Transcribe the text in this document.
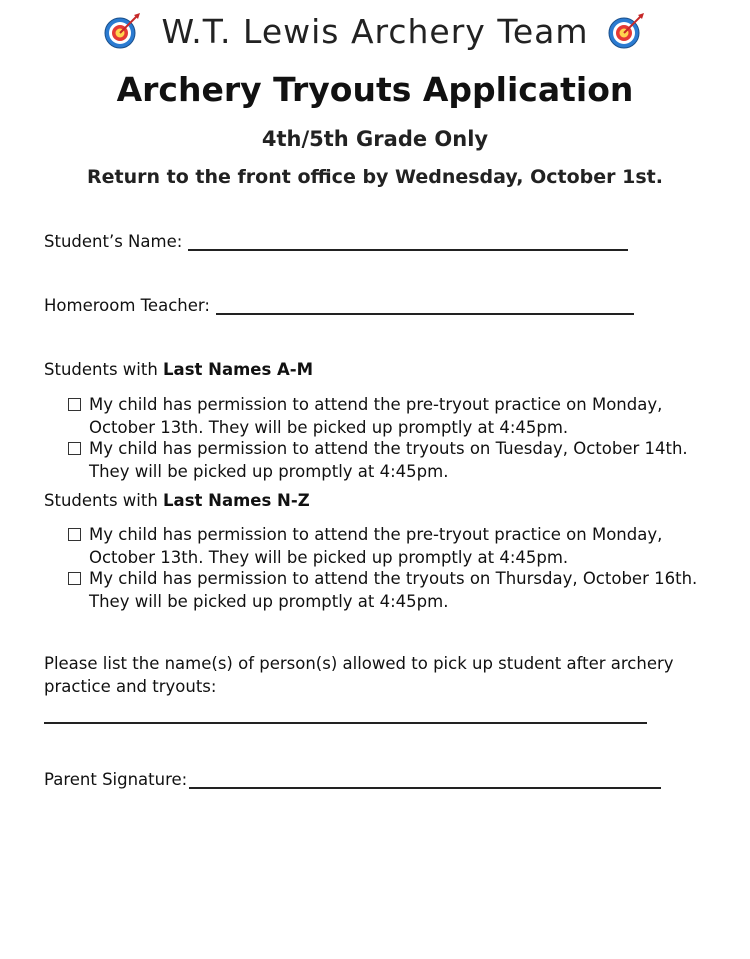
W.T. Lewis Archery Team
Archery Tryouts Application
4th/5th Grade Only
Return to the front office by Wednesday, October 1st.
Student’s Name:
Homeroom Teacher:
Students with Last Names A-M
My child has permission to attend the pre-tryout practice on Monday, October 13th. They will be picked up promptly at 4:45pm.
My child has permission to attend the tryouts on Tuesday, October 14th. They will be picked up promptly at 4:45pm.
Students with Last Names N-Z
My child has permission to attend the pre-tryout practice on Monday, October 13th. They will be picked up promptly at 4:45pm.
My child has permission to attend the tryouts on Thursday, October 16th. They will be picked up promptly at 4:45pm.
Please list the name(s) of person(s) allowed to pick up student after archery practice and tryouts:
Parent Signature:
